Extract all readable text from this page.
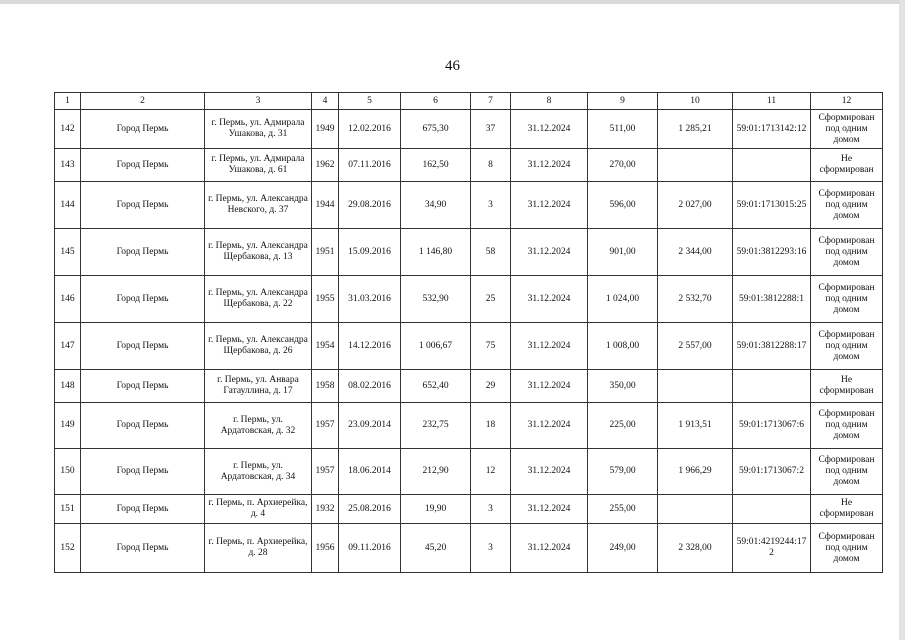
46
1	2	3	4	5	6	7	8	9	10	11	12
142	Город Пермь	г. Пермь, ул. Адмирала Ушакова, д. 31	1949	12.02.2016	675,30	37	31.12.2024	511,00	1 285,21	59:01:1713142:12	Сформирован под одним домом
143	Город Пермь	г. Пермь, ул. Адмирала Ушакова, д. 61	1962	07.11.2016	162,50	8	31.12.2024	270,00			Не сформирован
144	Город Пермь	г. Пермь, ул. Александра Невского, д. 37	1944	29.08.2016	34,90	3	31.12.2024	596,00	2 027,00	59:01:1713015:25	Сформирован под одним домом
145	Город Пермь	г. Пермь, ул. Александра Щербакова, д. 13	1951	15.09.2016	1 146,80	58	31.12.2024	901,00	2 344,00	59:01:3812293:16	Сформирован под одним домом
146	Город Пермь	г. Пермь, ул. Александра Щербакова, д. 22	1955	31.03.2016	532,90	25	31.12.2024	1 024,00	2 532,70	59:01:3812288:1	Сформирован под одним домом
147	Город Пермь	г. Пермь, ул. Александра Щербакова, д. 26	1954	14.12.2016	1 006,67	75	31.12.2024	1 008,00	2 557,00	59:01:3812288:17	Сформирован под одним домом
148	Город Пермь	г. Пермь, ул. Анвара Гатауллина, д. 17	1958	08.02.2016	652,40	29	31.12.2024	350,00			Не сформирован
149	Город Пермь	г. Пермь, ул. Ардатовская, д. 32	1957	23.09.2014	232,75	18	31.12.2024	225,00	1 913,51	59:01:1713067:6	Сформирован под одним домом
150	Город Пермь	г. Пермь, ул. Ардатовская, д. 34	1957	18.06.2014	212,90	12	31.12.2024	579,00	1 966,29	59:01:1713067:2	Сформирован под одним домом
151	Город Пермь	г. Пермь, п. Архиерейка, д. 4	1932	25.08.2016	19,90	3	31.12.2024	255,00			Не сформирован
152	Город Пермь	г. Пермь, п. Архиерейка, д. 28	1956	09.11.2016	45,20	3	31.12.2024	249,00	2 328,00	59:01:4219244:172	Сформирован под одним домом
